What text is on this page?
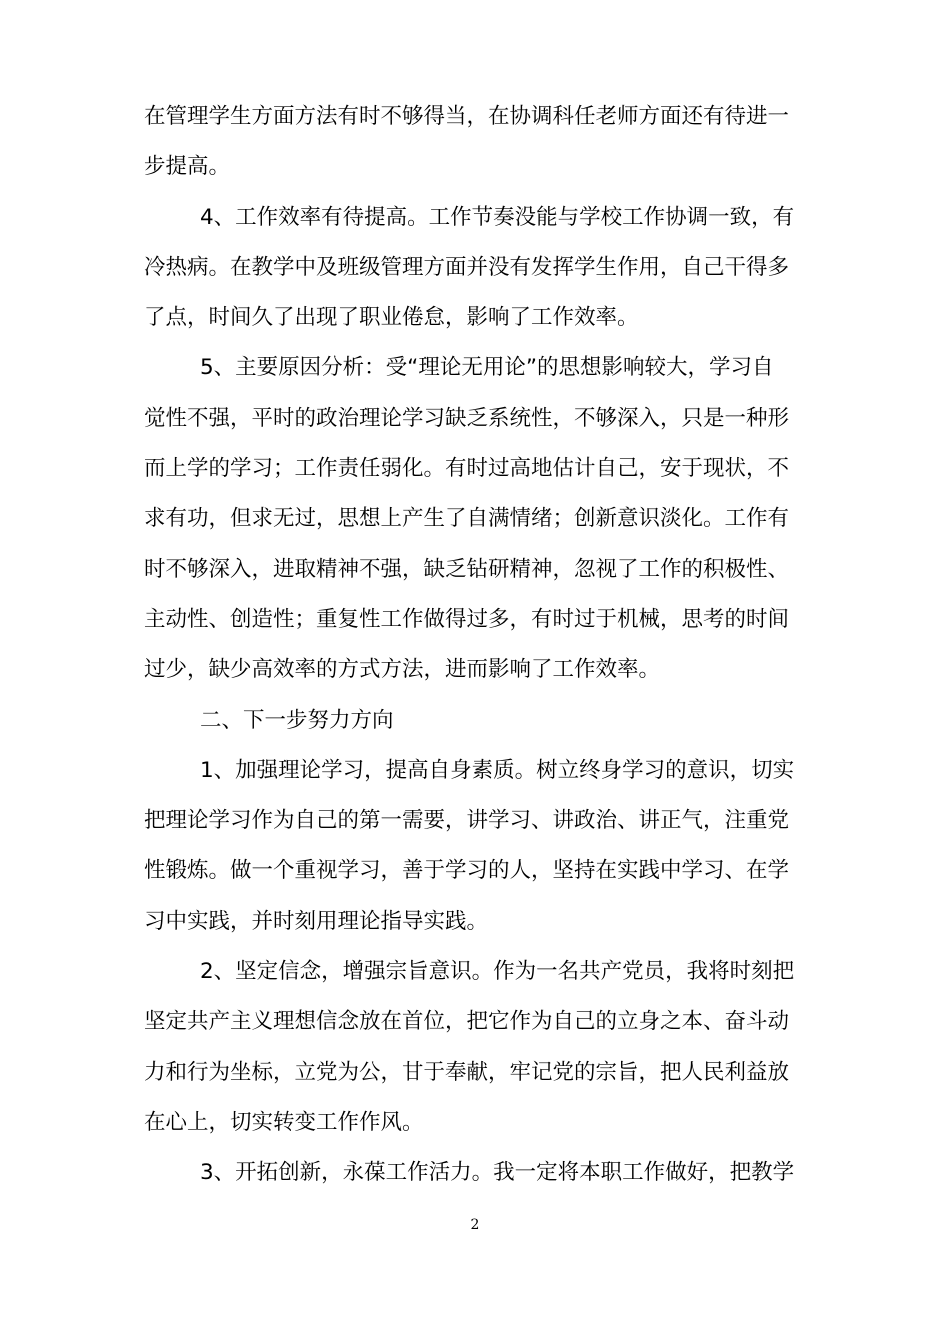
在管理学生方面方法有时不够得当，在协调科任老师方面还有待进一
步提高。
4、工作效率有待提高。工作节奏没能与学校工作协调一致，有
冷热病。在教学中及班级管理方面并没有发挥学生作用，自己干得多
了点，时间久了出现了职业倦怠，影响了工作效率。
5、主要原因分析：受“理论无用论”的思想影响较大，学习自
觉性不强，平时的政治理论学习缺乏系统性，不够深入，只是一种形
而上学的学习；工作责任弱化。有时过高地估计自己，安于现状，不
求有功，但求无过，思想上产生了自满情绪；创新意识淡化。工作有
时不够深入，进取精神不强，缺乏钻研精神，忽视了工作的积极性、
主动性、创造性；重复性工作做得过多，有时过于机械，思考的时间
过少，缺少高效率的方式方法，进而影响了工作效率。
二、下一步努力方向
1、加强理论学习，提高自身素质。树立终身学习的意识，切实
把理论学习作为自己的第一需要，讲学习、讲政治、讲正气，注重党
性锻炼。做一个重视学习，善于学习的人，坚持在实践中学习、在学
习中实践，并时刻用理论指导实践。
2、坚定信念，增强宗旨意识。作为一名共产党员，我将时刻把
坚定共产主义理想信念放在首位，把它作为自己的立身之本、奋斗动
力和行为坐标，立党为公，甘于奉献，牢记党的宗旨，把人民利益放
在心上，切实转变工作作风。
3、开拓创新，永葆工作活力。我一定将本职工作做好，把教学
2
